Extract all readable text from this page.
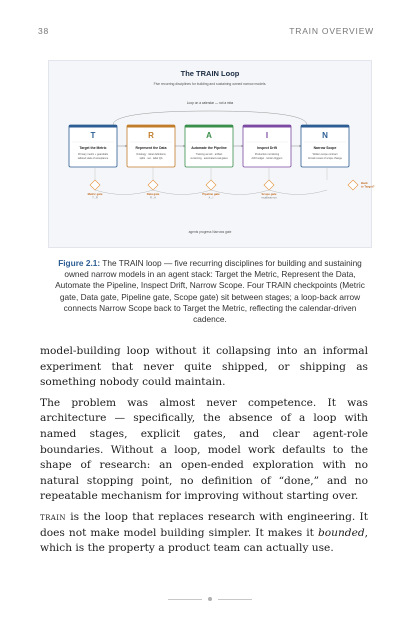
38	TRAIN OVERVIEW
The TRAIN Loop
Five recurring disciplines for building and sustaining owned narrow models.
Loop on a calendar — not a mba
T
Target the Metric
Primary metric + guardrails
tailored slate of acceptance
R
Represent the Data
Ontology · label definitions
splits · set · label QA
A
Automate the Pipeline
Training as IaC · artifact
versioning · automated eval gates
I
Inspect Drift
Production monitoring
drift budget · retrain triggers
N
Narrow Scope
Written scope contract
formal review of scope change
Metric gate
T→R
Data gate
R→A
Pipeline gate
A→I
Scope gate
recalibrate set
Back
to Target?
agents progress Narrows gate
Figure 2.1: The TRAIN loop — five recurring disciplines for building and sustaining owned narrow models in an agent stack: Target the Metric, Represent the Data, Automate the Pipeline, Inspect Drift, Narrow Scope. Four TRAIN checkpoints (Metric gate, Data gate, Pipeline gate, Scope gate) sit between stages; a loop-back arrow connects Narrow Scope back to Target the Metric, reflecting the calendar-driven cadence.

model-building loop without it collapsing into an informal experiment that never quite shipped, or shipping as something nobody could maintain.

The problem was almost never competence. It was architecture — specifically, the absence of a loop with named stages, explicit gates, and clear agent-role boundaries. Without a loop, model work defaults to the shape of research: an open-ended exploration with no natural stopping point, no definition of “done,” and no repeatable mechanism for improving without starting over.

train is the loop that replaces research with engineering. It does not make model building simpler. It makes it bounded, which is the property a product team can actually use.
